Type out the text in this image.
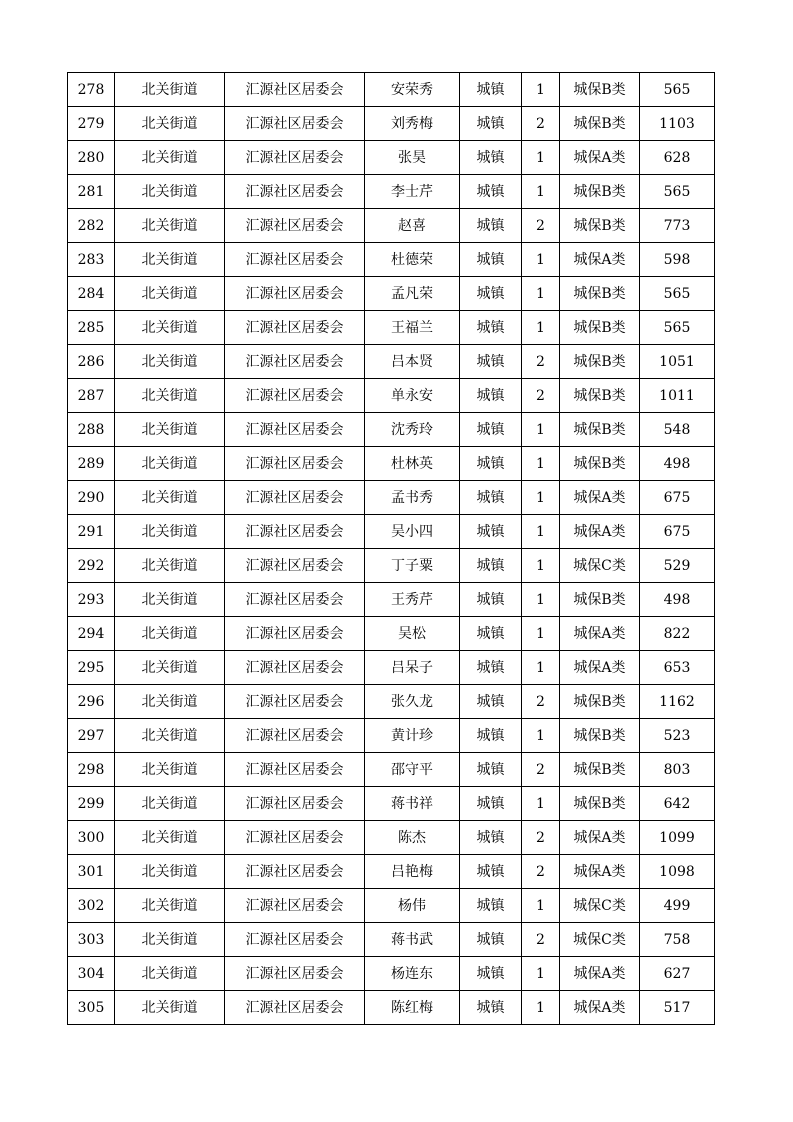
278	北关街道	汇源社区居委会	安荣秀	城镇	1	城保B类	565
279	北关街道	汇源社区居委会	刘秀梅	城镇	2	城保B类	1103
280	北关街道	汇源社区居委会	张昊	城镇	1	城保A类	628
281	北关街道	汇源社区居委会	李士芹	城镇	1	城保B类	565
282	北关街道	汇源社区居委会	赵喜	城镇	2	城保B类	773
283	北关街道	汇源社区居委会	杜德荣	城镇	1	城保A类	598
284	北关街道	汇源社区居委会	孟凡荣	城镇	1	城保B类	565
285	北关街道	汇源社区居委会	王福兰	城镇	1	城保B类	565
286	北关街道	汇源社区居委会	吕本贤	城镇	2	城保B类	1051
287	北关街道	汇源社区居委会	单永安	城镇	2	城保B类	1011
288	北关街道	汇源社区居委会	沈秀玲	城镇	1	城保B类	548
289	北关街道	汇源社区居委会	杜林英	城镇	1	城保B类	498
290	北关街道	汇源社区居委会	孟书秀	城镇	1	城保A类	675
291	北关街道	汇源社区居委会	吴小四	城镇	1	城保A类	675
292	北关街道	汇源社区居委会	丁子粟	城镇	1	城保C类	529
293	北关街道	汇源社区居委会	王秀芹	城镇	1	城保B类	498
294	北关街道	汇源社区居委会	吴松	城镇	1	城保A类	822
295	北关街道	汇源社区居委会	吕呆子	城镇	1	城保A类	653
296	北关街道	汇源社区居委会	张久龙	城镇	2	城保B类	1162
297	北关街道	汇源社区居委会	黄计珍	城镇	1	城保B类	523
298	北关街道	汇源社区居委会	邵守平	城镇	2	城保B类	803
299	北关街道	汇源社区居委会	蒋书祥	城镇	1	城保B类	642
300	北关街道	汇源社区居委会	陈杰	城镇	2	城保A类	1099
301	北关街道	汇源社区居委会	吕艳梅	城镇	2	城保A类	1098
302	北关街道	汇源社区居委会	杨伟	城镇	1	城保C类	499
303	北关街道	汇源社区居委会	蒋书武	城镇	2	城保C类	758
304	北关街道	汇源社区居委会	杨连东	城镇	1	城保A类	627
305	北关街道	汇源社区居委会	陈红梅	城镇	1	城保A类	517
